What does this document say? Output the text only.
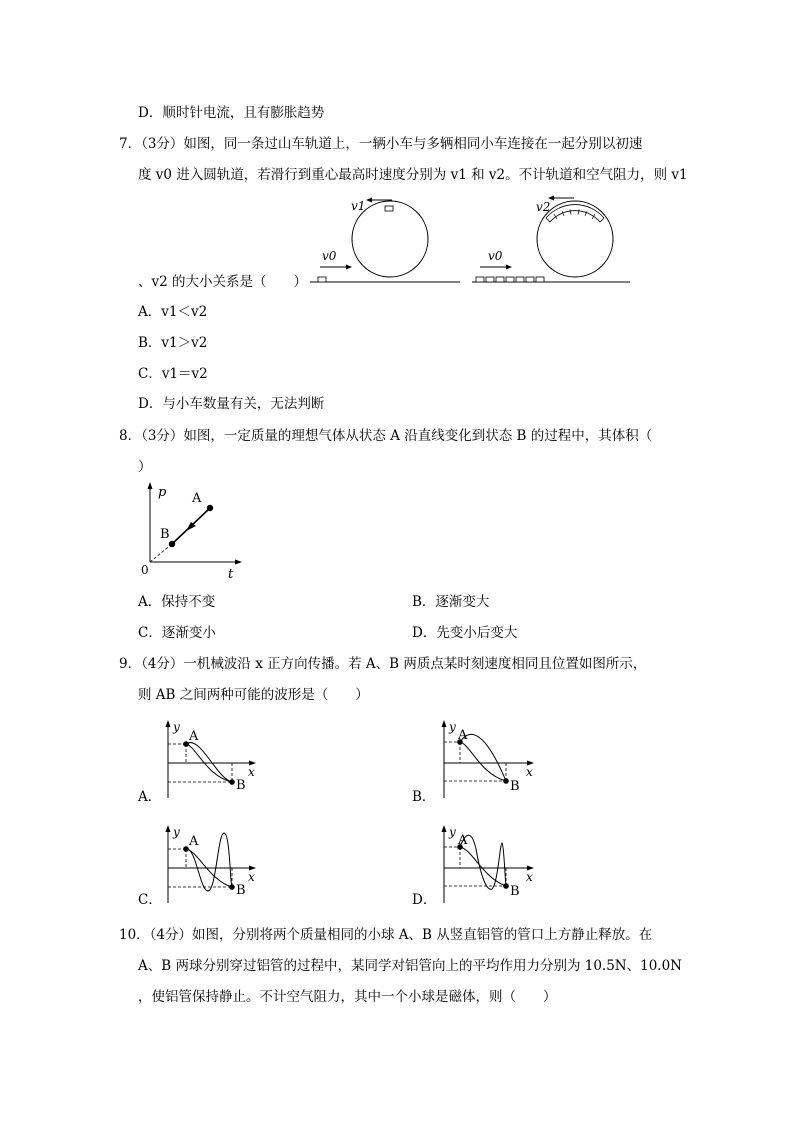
D．顺时针电流，且有膨胀趋势
7．（3分）如图，同一条过山车轨道上，一辆小车与多辆相同小车连接在一起分别以初速
度 v0 进入圆轨道，若滑行到重心最高时速度分别为 v1 和 v2。不计轨道和空气阻力，则 v1
v1
v0
v2
v0
、v2 的大小关系是（　　）
A．v1＜v2
B．v1＞v2
C．v1＝v2
D．与小车数量有关，无法判断
8．（3分）如图，一定质量的理想气体从状态 A 沿直线变化到状态 B 的过程中，其体积（
）
p
t
0
A
B
A．保持不变	B．逐渐变大
C．逐渐变小	D．先变小后变大
9．（4分）一机械波沿 x 正方向传播。若 A、B 两质点某时刻速度相同且位置如图所示，
则 AB 之间两种可能的波形是（　　）
A．
y
x
A
B
B．
y
x
A
B
C．
y
x
A
B
D．
y
x
A
B
10．（4分）如图，分别将两个质量相同的小球 A、B 从竖直铝管的管口上方静止释放。在
A、B 两球分别穿过铝管的过程中，某同学对铝管向上的平均作用力分别为 10.5N、10.0N
，使铝管保持静止。不计空气阻力，其中一个小球是磁体，则（　　）
